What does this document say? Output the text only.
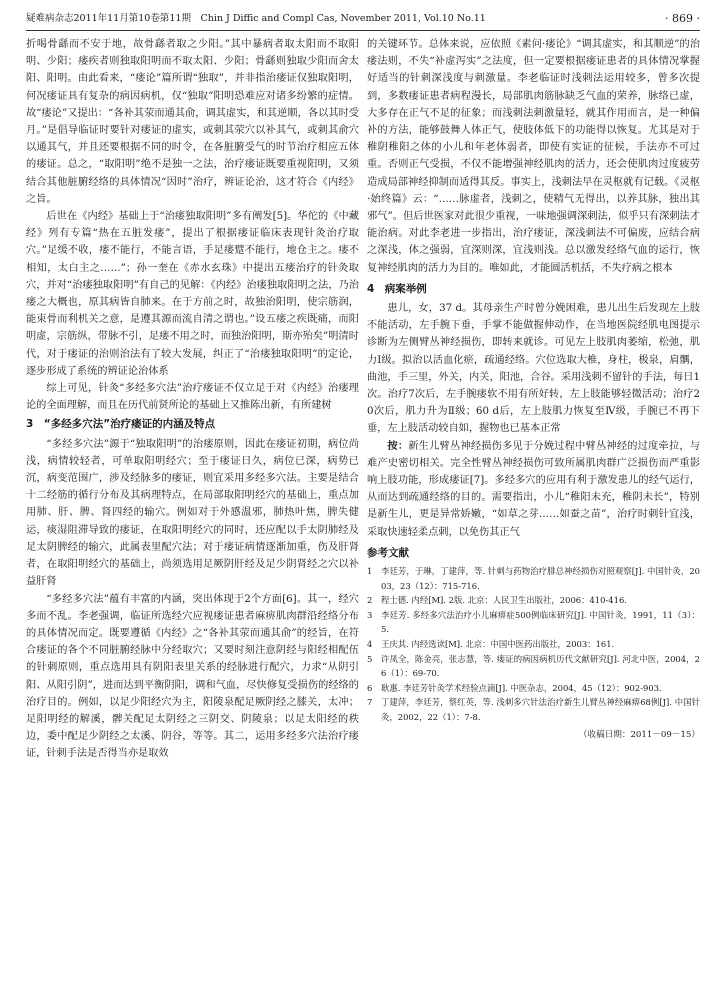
疑难病杂志2011年11月第10卷第11期　Chin J Diffic and Compl Cas, November 2011, Vol.10 No.11	· 869 ·

折喝骨繇而不安于地，故骨繇者取之少阳。”其中暴病者取太阳而不取阳明、少阳；瘘疾者则独取阳明而不取太阳、少阳；骨繇则独取少阳而舍太阳、阳明。由此看来，“瘘论”篇所谓“独取”，并非指治瘘证仅独取阳明，何况瘘证具有复杂的病因病机，仅“独取”阳明恐难应对诸多纷繁的症情。故“瘘论”又提出：“各补其荥而通其俞，调其虚实，和其逆顺，各以其时受月。”是倡导临证时要针对瘘证的虚实，或刺其荥穴以补其气，或刺其俞穴以通其气，并且还要根据不同的时令，在各脏腑受气的时节治疗相应五体的瘘证。总之，“取阳明”绝不是独一之法，治疗瘘证既要重视阳明，又须结合其他脏腑经络的具体情况“因时”治疗，辨证论治，这才符合《内经》之旨。

后世在《内经》基础上于“治瘘独取阳明”多有阐发[5]。华佗的《中藏经》列有专篇“热在五脏发瘘”，提出了根据瘘证临床表现针灸治疗取穴。”足缓不收，瘘不能行，不能言语，手足瘘躄不能行，地仓主之。瘘不相知，太白主之……”；孙一奎在《赤水玄珠》中提出五瘘治疗的针灸取穴，并对“治瘘独取阳明”有自己的见解：《内经》治瘘独取阳明之法，乃治瘘之大概也，原其病皆自肺来。在于方前之时，故独治阳明，使宗筋润，能束骨而利机关之意，是遵其源而流自清之谓也。”设五瘘之疾既痛，而阳明虚，宗筋纵，带脉不引，足瘘不用之时，而独治阳明，斯亦殆矣”明清时代，对于瘘证的治则治法有了较大发展，纠正了“治瘘独取阳明”的定论，逐步形成了系统的辨证论治体系

综上可见，针灸“多经多穴法”治疗瘘证不仅立足于对《内经》治瘘理论的全面理解，而且在历代前贤所论的基础上又推陈出新，有所建树

3　“多经多穴法”治疗瘘证的内涵及特点

“多经多穴法”源于“独取阳明”的治瘘原则，因此在瘘证初期，病位尚浅，病情较轻者，可单取阳明经穴；至于瘘证日久，病位已深，病势已沉，病变范围广，涉及经脉多的瘘证，则宜采用多经多穴法。主要是结合十二经筋的循行分布及其病理特点，在局部取阳明经穴的基础上，重点加用肺、肝、脾、肾四经的输穴。例如对于外感温邪，肺热叶焦，脾失健运，痰湿阻滞导致的瘘证，在取阳明经穴的同时，还应配以手太阴肺经及足太阴脾经的输穴，此属表里配穴法；对于瘘证病情逐渐加重，伤及肝肾者，在取阳明经穴的基础上，尚须选用足厥阴肝经及足少阴肾经之穴以补益肝肾

“多经多穴法”蕴有丰富的内涵，突出体现于2个方面[6]。其一，经穴多而不乱。李老强调，临证所选经穴应视瘘证患者麻痹肌肉群沿经络分布的具体情况而定。既要遵循《内经》之“各补其荥而通其俞”的经旨，在符合瘘证的各个不同脏腑经脉中分经取穴；又要时刻注意阴经与阳经相配伍的针刺原则，重点选用具有阴阳表里关系的经脉进行配穴，力求“从阴引阳、从阳引阴”，进而达到平衡阴阳，调和气血，尽快修复受损伤的经络的治疗目的。例如，以足少阳经穴为主，阳陵泉配足厥阴经之膝关，太冲；足阳明经的解溪，髀关配足太阴经之三阴交、阴陵泉；以足太阳经的秩边，委中配足少阴经之太溪、阴谷，等等。其二，运用多经多穴法治疗瘘证，针刺手法是否得当亦是取效

的关键环节。总体来说，应依照《素问·瘘论》“调其虚实，和其顺逆”的治瘘法则，不失“补虚泻实”之法度，但一定要根据瘘证患者的具体情况掌握好适当的针刺深浅度与刺激量。李老临证时浅刺法运用较多，曾多次提到，多数瘘证患者病程漫长，局部肌肉筋脉缺乏气血的荣养，脉络已虚，大多存在正气不足的征象；而浅刺法刺激量轻，就其作用而言，是一种偏补的方法，能够鼓舞人体正气，使肢体低下的功能得以恢复。尤其是对于稚阴稚阳之体的小儿和年老体弱者，即使有实证的征候，手法亦不可过重。否则正气受损，不仅不能增强神经肌肉的活力，还会使肌肉过度疲劳造成局部神经抑制而适得其反。事实上，浅刺法早在灵枢就有记载。《灵枢·始终篇》云：“……脉虚者，浅刺之，使精气无得出，以养其脉，独出其邪气”。但后世医家对此很少重视，一味地强调深刺法，似乎只有深刺法才能治病。对此李老进一步指出，治疗瘘证，深浅刺法不可偏废，应结合病之深浅，体之强弱，宜深则深，宜浅则浅。总以激发经络气血的运行，恢复神经肌肉的活力为目的。唯如此，才能圆活机括，不失疗病之根本

4　病案举例

患儿，女，37 d。其母亲生产时曾分娩困难，患儿出生后发现左上肢不能活动，左手腕下垂，手掌不能做握伸动作，在当地医院经肌电图提示诊断为左侧臂丛神经损伤，即转来就诊。可见左上肢肌肉萎缩，松弛，肌力Ⅰ级。拟治以活血化瘀，疏通经络。穴位选取大椎，身柱，极泉，肩髃，曲池，手三里，外关，内关，阳池，合谷。采用浅刺不留针的手法，每日1次。治疗7次后，左手腕瘘软不用有所好转，左上肢能够轻微活动；治疗20次后，肌力升为Ⅱ级；60 d后，左上肢肌力恢复至Ⅳ级，手腕已不再下垂，左上肢活动较自如，握物也已基本正常

按：新生儿臂丛神经损伤多见于分娩过程中臂丛神经的过度牵拉，与难产史密切相关。完全性臂丛神经损伤可致所属肌肉群广泛损伤而严重影响上肢功能，形成瘘证[7]。多经多穴的应用有利于激发患儿的经气运行，从而达到疏通经络的目的。需要指出，小儿“稚阳未充，稚阴未长”，特别是新生儿，更是异常娇嫩，“如草之芽……如蚕之苗”，治疗时刺针宜浅，采取快速轻柔点刺，以免伤其正气

参考文献
1	李廷芳，于琳，丁建萍，等. 针刺与药物治疗腓总神经损伤对照观察[J]. 中国针灸，2003，23（12）：715-716.
2	程士德. 内经[M]. 2版. 北京：人民卫生出版社，2006：410-416.
3	李廷芳. 多经多穴法治疗小儿麻痹症500例临床研究[J]. 中国针灸，1991，11（3）：5.
4	王庆其. 内经选读[M]. 北京：中国中医药出版社，2003：161.
5	许凤全，陈金亮，张志慧，等. 瘘证的病因病机历代文献研究[J]. 河北中医，2004，26（1）：69-70.
6	耿惠. 李廷芳针灸学术经验点滴[J]. 中医杂志，2004，45（12）：902-903.
7	丁建萍，李廷芳，蔡红英，等. 浅刺多穴针法治疗新生儿臂丛神经麻痹68例[J]. 中国针灸，2002，22（1）：7-8.
（收稿日期：2011－09－15）
